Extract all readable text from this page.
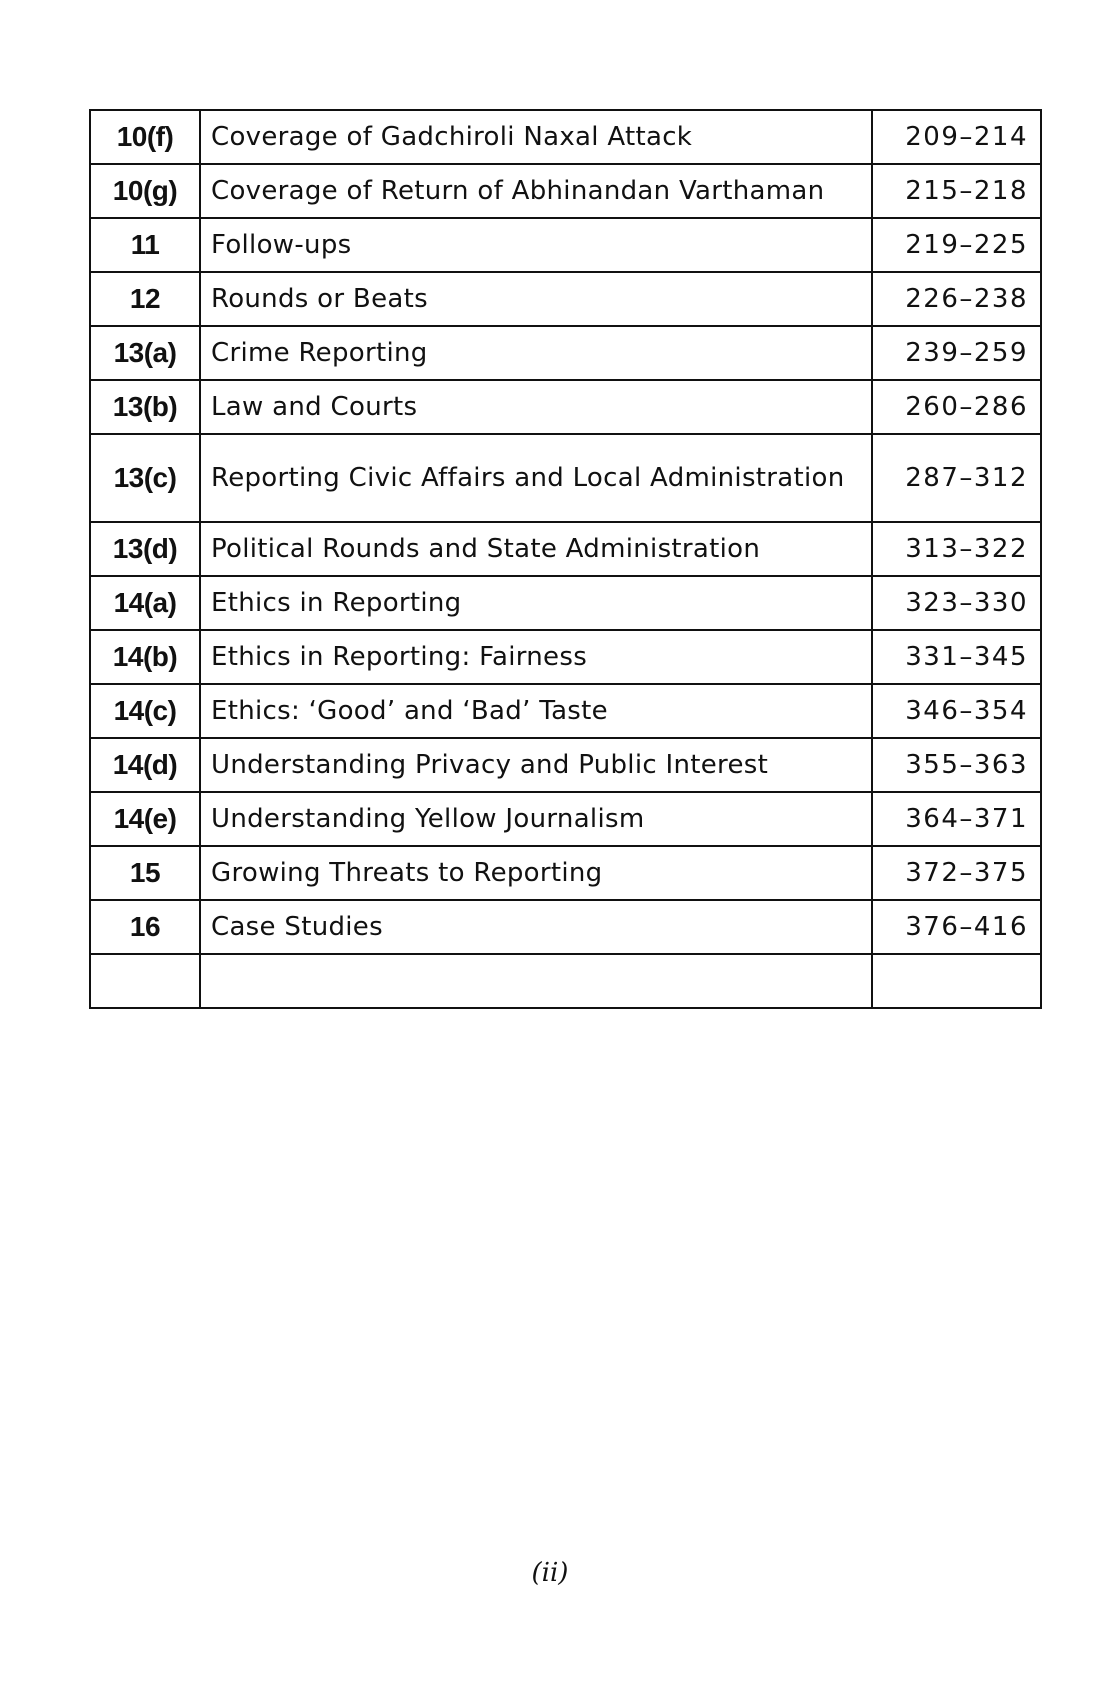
10(f)	Coverage of Gadchiroli Naxal Attack	209–214
10(g)	Coverage of Return of Abhinandan Varthaman	215–218
11	Follow-ups	219–225
12	Rounds or Beats	226–238
13(a)	Crime Reporting	239–259
13(b)	Law and Courts	260–286
13(c)	Reporting Civic Affairs and Local Administration	287–312
13(d)	Political Rounds and State Administration	313–322
14(a)	Ethics in Reporting	323–330
14(b)	Ethics in Reporting: Fairness	331–345
14(c)	Ethics: ‘Good’ and ‘Bad’ Taste	346–354
14(d)	Understanding Privacy and Public Interest	355–363
14(e)	Understanding Yellow Journalism	364–371
15	Growing Threats to Reporting	372–375
16	Case Studies	376–416

(ii)
